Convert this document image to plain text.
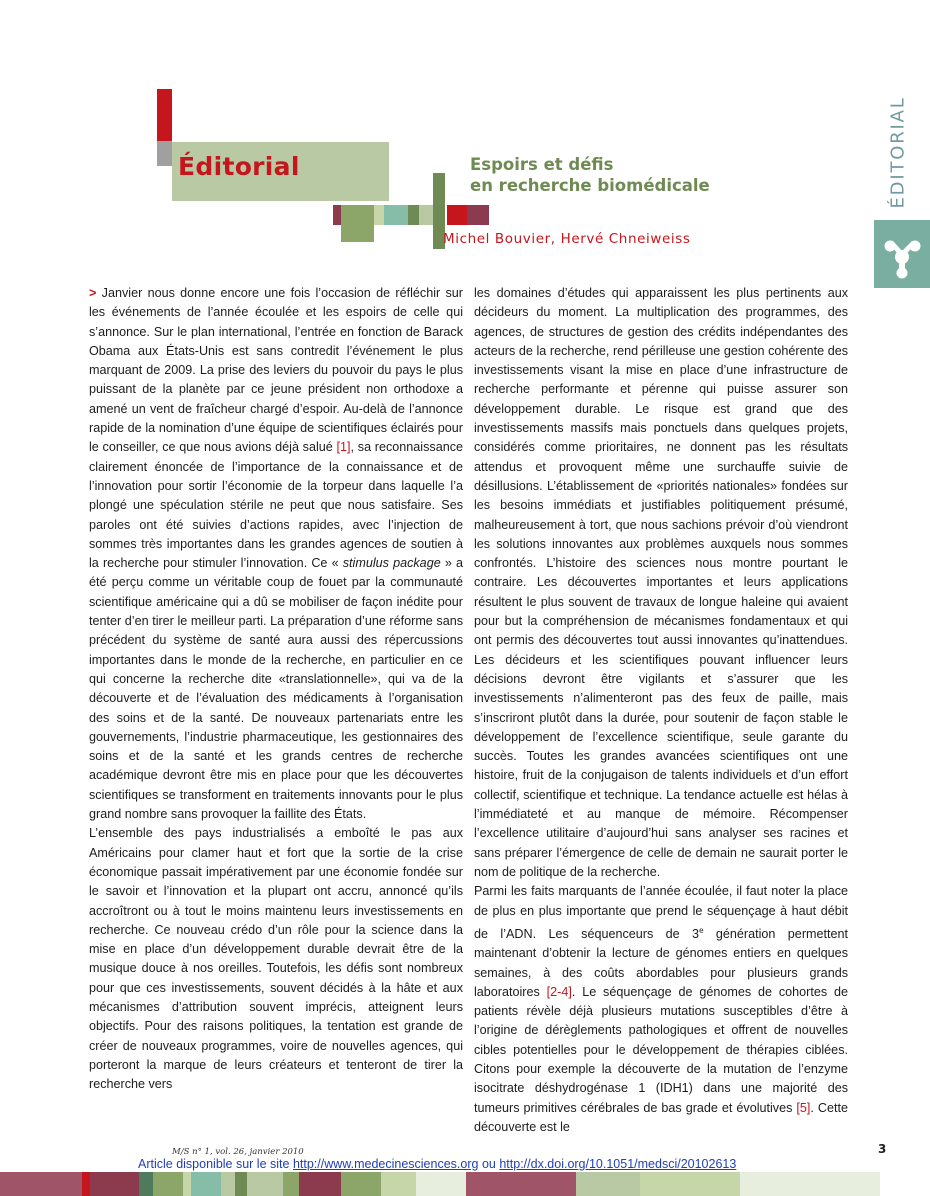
Éditorial	Espoirs et défis
en recherche biomédicale

Michel Bouvier, Hervé Chneiweiss

ÉDITORIAL

> Janvier nous donne encore une fois l’occasion de réfléchir sur les événements de l’année écoulée et les espoirs de celle qui s’annonce. Sur le plan international, l’entrée en fonction de Barack Obama aux États-Unis est sans contredit l’événement le plus marquant de 2009. La prise des leviers du pouvoir du pays le plus puissant de la planète par ce jeune président non orthodoxe a amené un vent de fraîcheur chargé d’espoir. Au-delà de l’annonce rapide de la nomination d’une équipe de scientifiques éclairés pour le conseiller, ce que nous avions déjà salué [1], sa reconnaissance clairement énoncée de l’importance de la connaissance et de l’innovation pour sortir l’économie de la torpeur dans laquelle l’a plongé une spéculation stérile ne peut que nous satisfaire. Ses paroles ont été suivies d’actions rapides, avec l’injection de sommes très importantes dans les grandes agences de soutien à la recherche pour stimuler l’innovation. Ce « stimulus package » a été perçu comme un véritable coup de fouet par la communauté scientifique américaine qui a dû se mobiliser de façon inédite pour tenter d’en tirer le meilleur parti. La préparation d’une réforme sans précédent du système de santé aura aussi des répercussions importantes dans le monde de la recherche, en particulier en ce qui concerne la recherche dite «translationnelle», qui va de la découverte et de l’évaluation des médicaments à l’organisation des soins et de la santé. De nouveaux partenariats entre les gouvernements, l’industrie pharmaceutique, les gestionnaires des soins et de la santé et les grands centres de recherche académique devront être mis en place pour que les découvertes scientifiques se transforment en traitements innovants pour le plus grand nombre sans provoquer la faillite des États.

L’ensemble des pays industrialisés a emboîté le pas aux Américains pour clamer haut et fort que la sortie de la crise économique passait impérativement par une économie fondée sur le savoir et l’innovation et la plupart ont accru, annoncé qu’ils accroîtront ou à tout le moins maintenu leurs investissements en recherche. Ce nouveau crédo d’un rôle pour la science dans la mise en place d’un développement durable devrait être de la musique douce à nos oreilles. Toutefois, les défis sont nombreux pour que ces investissements, souvent décidés à la hâte et aux mécanismes d’attribution souvent imprécis, atteignent leurs objectifs. Pour des raisons politiques, la tentation est grande de créer de nouveaux programmes, voire de nouvelles agences, qui porteront la marque de leurs créateurs et tenteront de tirer la recherche vers

les domaines d’études qui apparaissent les plus pertinents aux décideurs du moment. La multiplication des programmes, des agences, de structures de gestion des crédits indépendantes des acteurs de la recherche, rend périlleuse une gestion cohérente des investissements visant la mise en place d’une infrastructure de recherche performante et pérenne qui puisse assurer son développement durable. Le risque est grand que des investissements massifs mais ponctuels dans quelques projets, considérés comme prioritaires, ne donnent pas les résultats attendus et provoquent même une surchauffe suivie de désillusions. L’établissement de «priorités nationales» fondées sur les besoins immédiats et justifiables politiquement présumé, malheureusement à tort, que nous sachions prévoir d’où viendront les solutions innovantes aux problèmes auxquels nous sommes confrontés. L’histoire des sciences nous montre pourtant le contraire. Les découvertes importantes et leurs applications résultent le plus souvent de travaux de longue haleine qui avaient pour but la compréhension de mécanismes fondamentaux et qui ont permis des découvertes tout aussi innovantes qu’inattendues. Les décideurs et les scientifiques pouvant influencer leurs décisions devront être vigilants et s’assurer que les investissements n’alimenteront pas des feux de paille, mais s’inscriront plutôt dans la durée, pour soutenir de façon stable le développement de l’excellence scientifique, seule garante du succès. Toutes les grandes avancées scientifiques ont une histoire, fruit de la conjugaison de talents individuels et d’un effort collectif, scientifique et technique. La tendance actuelle est hélas à l’immédiateté et au manque de mémoire. Récompenser l’excellence utilitaire d’aujourd’hui sans analyser ses racines et sans préparer l’émergence de celle de demain ne saurait porter le nom de politique de la recherche.

Parmi les faits marquants de l’année écoulée, il faut noter la place de plus en plus importante que prend le séquençage à haut débit de l’ADN. Les séquenceurs de 3e génération permettent maintenant d’obtenir la lecture de génomes entiers en quelques semaines, à des coûts abordables pour plusieurs grands laboratoires [2-4]. Le séquençage de génomes de cohortes de patients révèle déjà plusieurs mutations susceptibles d’être à l’origine de dérèglements pathologiques et offrent de nouvelles cibles potentielles pour le développement de thérapies ciblées. Citons pour exemple la découverte de la mutation de l’enzyme isocitrate déshydrogénase 1 (IDH1) dans une majorité des tumeurs primitives cérébrales de bas grade et évolutives [5]. Cette découverte est le

M/S n° 1, vol. 26, janvier 2010	3

Article disponible sur le site http://www.medecinesciences.org ou http://dx.doi.org/10.1051/medsci/20102613
